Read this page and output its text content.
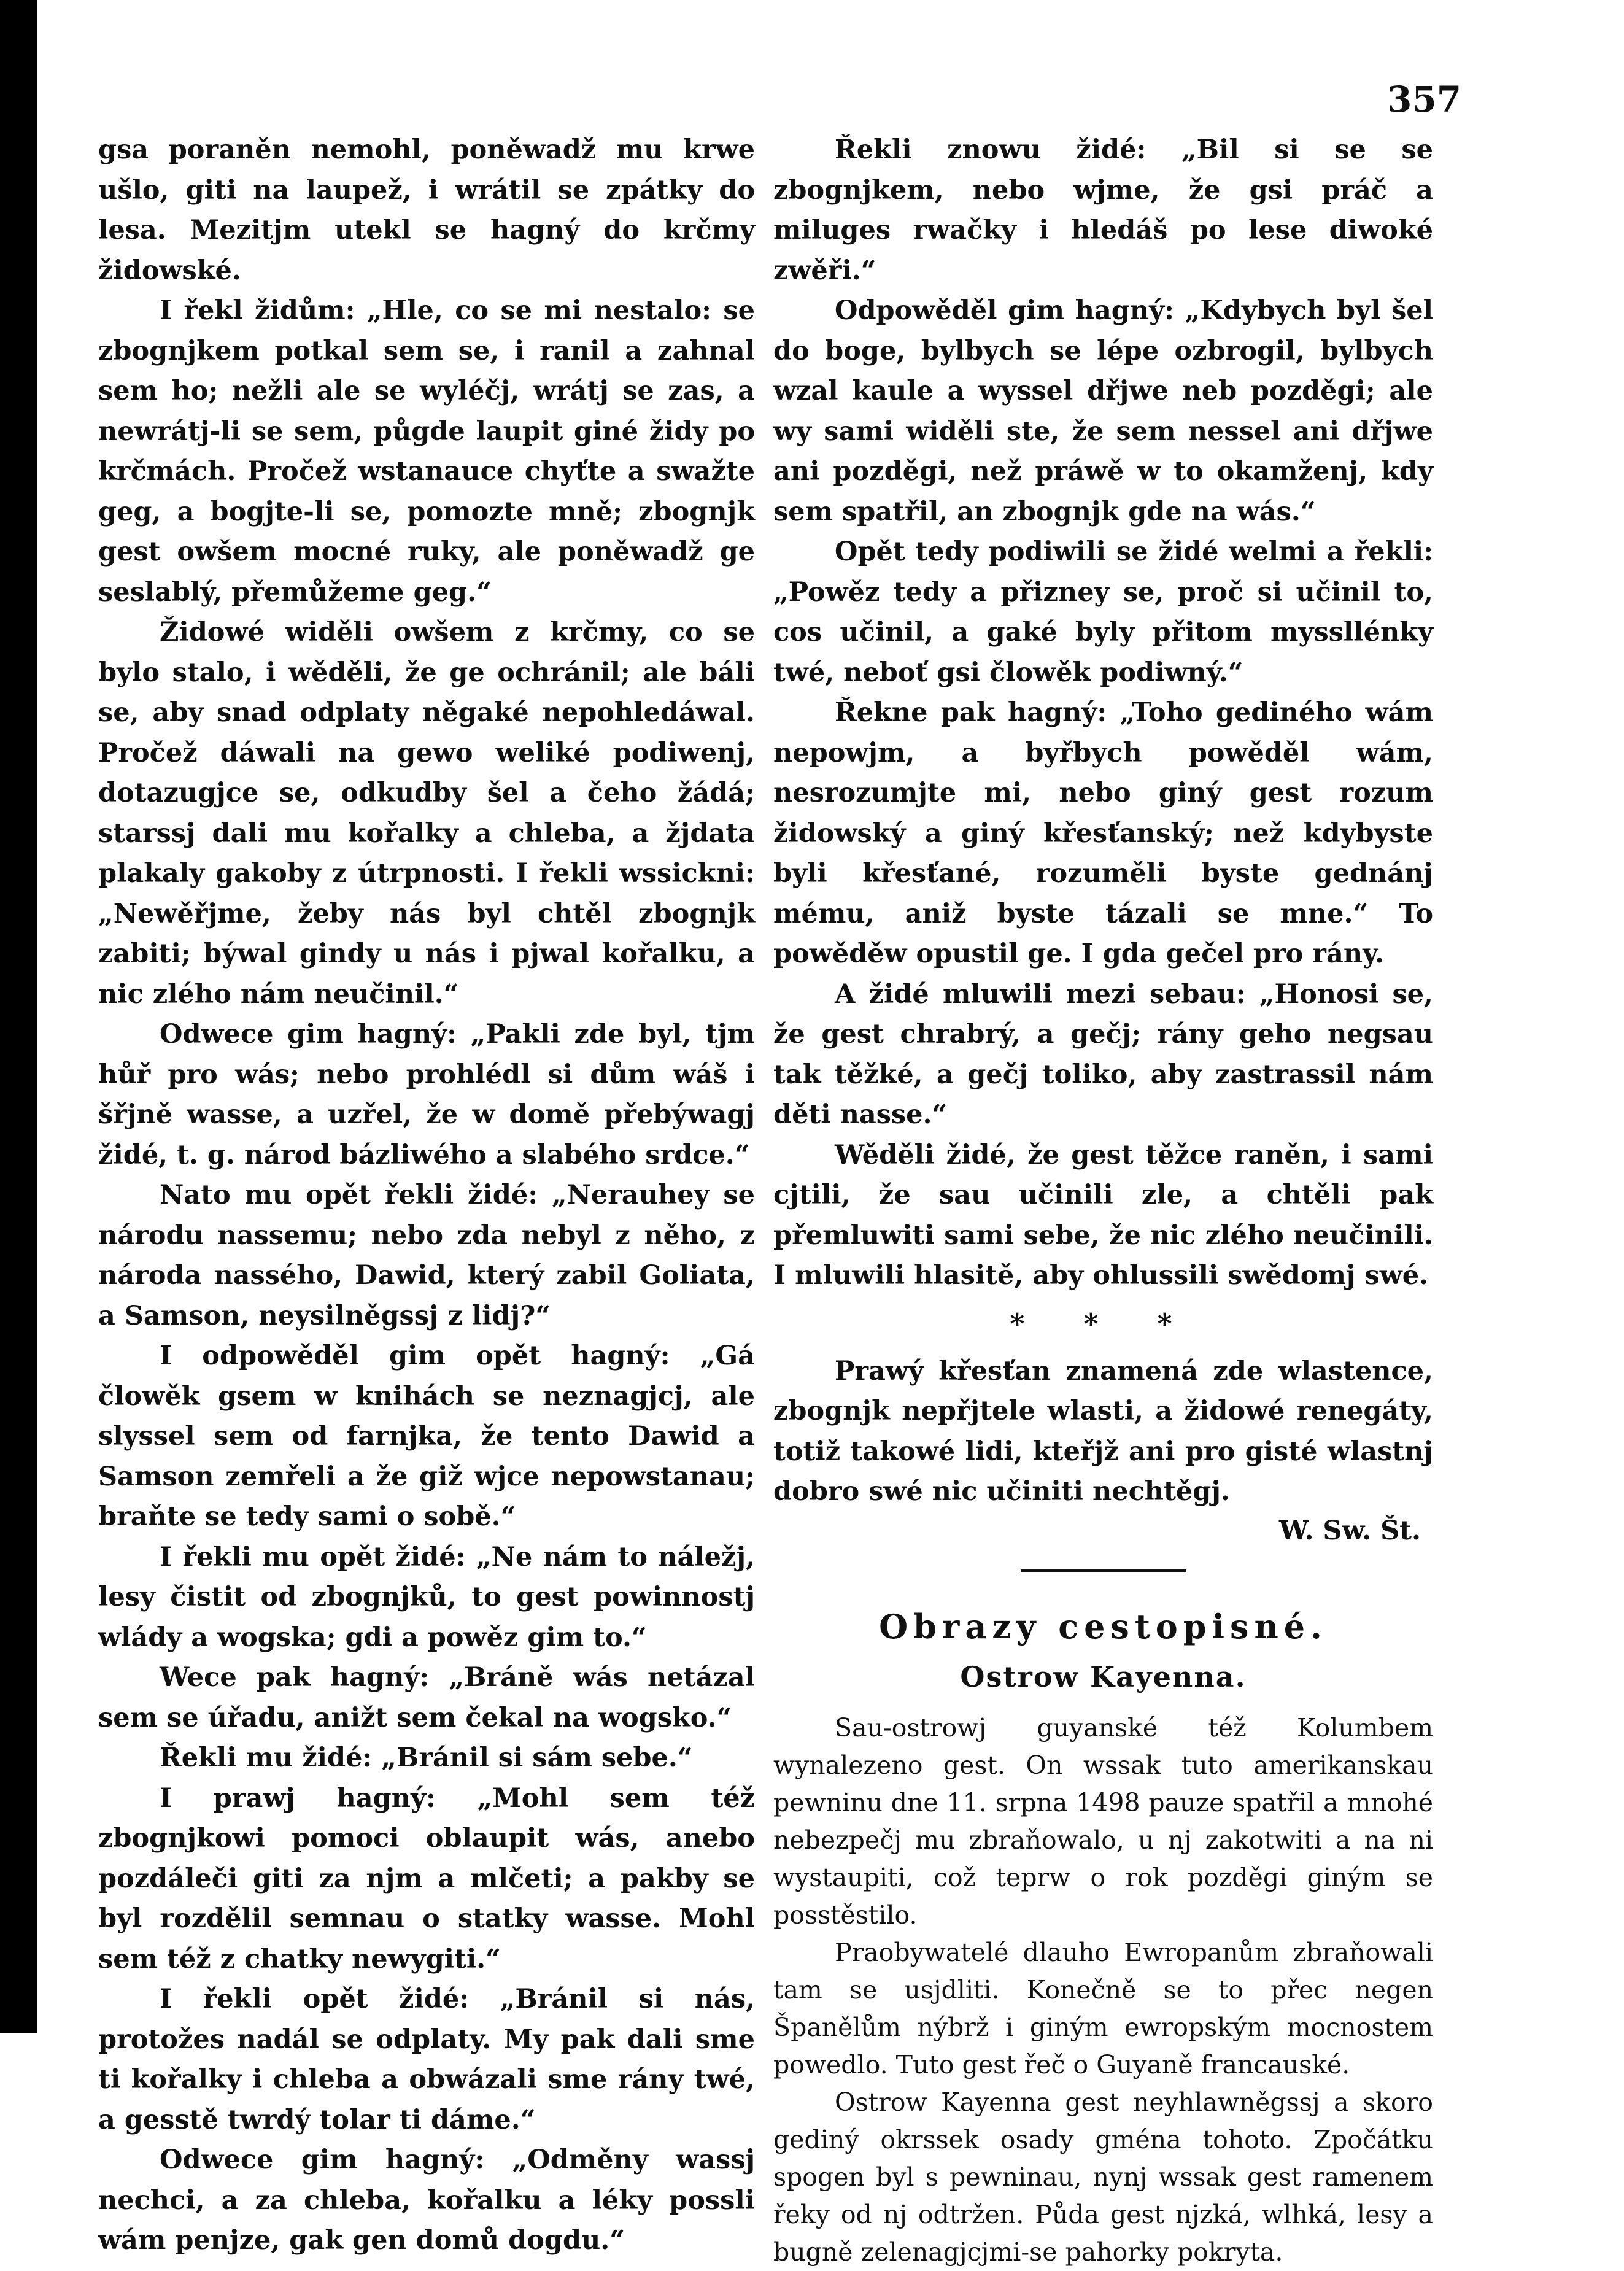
357

gsa poraněn nemohl, poněwadž mu krwe ušlo, giti na laupež, i wrátil se zpátky do lesa. Mezitjm utekl se hagný do krčmy židowské.

I řekl židům: „Hle, co se mi nestalo: se zbognjkem potkal sem se, i ranil a zahnal sem ho; nežli ale se wyléčj, wrátj se zas, a newrátj-li se sem, půgde laupit giné židy po krčmách. Pročež wstanauce chyťte a swažte geg, a bogjte-li se, pomozte mně; zbognjk gest owšem mocné ruky, ale poněwadž ge seslablý, přemůžeme geg.“

Židowé widěli owšem z krčmy, co se bylo stalo, i wěděli, že ge ochránil; ale báli se, aby snad odplaty něgaké nepohledáwal. Pročež dáwali na gewo weliké podiwenj, dotazugjce se, odkudby šel a čeho žádá; starssj dali mu kořalky a chleba, a žjdata plakaly gakoby z útrpnosti. I řekli wssickni: „Newěřjme, žeby nás byl chtěl zbognjk zabiti; býwal gindy u nás i pjwal kořalku, a nic zlého nám neučinil.“

Odwece gim hagný: „Pakli zde byl, tjm hůř pro wás; nebo prohlédl si dům wáš i šřjně wasse, a uzřel, že w domě přebýwagj židé, t. g. národ bázliwého a slabého srdce.“

Nato mu opět řekli židé: „Nerauhey se národu nassemu; nebo zda nebyl z něho, z národa nassého, Dawid, který zabil Goliata, a Samson, neysilněgssj z lidj?“

I odpowěděl gim opět hagný: „Gá člowěk gsem w knihách se neznagjcj, ale slyssel sem od farnjka, že tento Dawid a Samson zemřeli a že giž wjce nepowstanau; braňte se tedy sami o sobě.“

I řekli mu opět židé: „Ne nám to náležj, lesy čistit od zbognjků, to gest powinnostj wlády a wogska; gdi a powěz gim to.“

Wece pak hagný: „Bráně wás netázal sem se úřadu, anižt sem čekal na wogsko.“

Řekli mu židé: „Bránil si sám sebe.“

I prawj hagný: „Mohl sem též zbognjkowi pomoci oblaupit wás, anebo pozdáleči giti za njm a mlčeti; a pakby se byl rozdělil semnau o statky wasse. Mohl sem též z chatky newygiti.“

I řekli opět židé: „Bránil si nás, protožes nadál se odplaty. My pak dali sme ti kořalky i chleba a obwázali sme rány twé, a gesstě twrdý tolar ti dáme.“

Odwece gim hagný: „Odměny wassj nechci, a za chleba, kořalku a léky possli wám penjze, gak gen domů dogdu.“

Řekli znowu židé: „Bil si se se zbognjkem, nebo wjme, že gsi práč a miluges rwačky i hledáš po lese diwoké zwěři.“

Odpowěděl gim hagný: „Kdybych byl šel do boge, bylbych se lépe ozbrogil, bylbych wzal kaule a wyssel dřjwe neb pozděgi; ale wy sami widěli ste, že sem nessel ani dřjwe ani pozděgi, než práwě w to okamženj, kdy sem spatřil, an zbognjk gde na wás.“

Opět tedy podiwili se židé welmi a řekli: „Powěz tedy a přizney se, proč si učinil to, cos učinil, a gaké byly přitom myssllénky twé, neboť gsi člowěk podiwný.“

Řekne pak hagný: „Toho gediného wám nepowjm, a byřbych powěděl wám, nesrozumjte mi, nebo giný gest rozum židowský a giný křesťanský; než kdybyste byli křesťané, rozuměli byste gednánj mému, aniž byste tázali se mne.“ To powěděw opustil ge. I gda gečel pro rány.

A židé mluwili mezi sebau: „Honosi se, že gest chrabrý, a gečj; rány geho negsau tak těžké, a gečj toliko, aby zastrassil nám děti nasse.“

Wěděli židé, že gest těžce raněn, i sami cjtili, že sau učinili zle, a chtěli pak přemluwiti sami sebe, že nic zlého neučinili. I mluwili hlasitě, aby ohlussili swědomj swé.

* * *

Prawý křesťan znamená zde wlastence, zbognjk nepřjtele wlasti, a židowé renegáty, totiž takowé lidi, kteřjž ani pro gisté wlastnj dobro swé nic učiniti nechtěgj.

W. Sw. Št.
Obrazy cestopisné.
Ostrow Kayenna.

Sau-ostrowj guyanské též Kolumbem wynalezeno gest. On wssak tuto amerikanskau pewninu dne 11. srpna 1498 pauze spatřil a mnohé nebezpečj mu zbraňowalo, u nj zakotwiti a na ni wystaupiti, což teprw o rok pozděgi giným se posstěstilo.

Praobywatelé dlauho Ewropanům zbraňowali tam se usjdliti. Konečně se to přec negen Španělům nýbrž i giným ewropským mocnostem powedlo. Tuto gest řeč o Guyaně francauské.

Ostrow Kayenna gest neyhlawněgssj a skoro gediný okrssek osady gména tohoto. Zpočátku spogen byl s pewninau, nynj wssak gest ramenem řeky od nj odtržen. Půda gest njzká, wlhká, lesy a bugně zelenagjcjmi-se pahorky pokryta.
